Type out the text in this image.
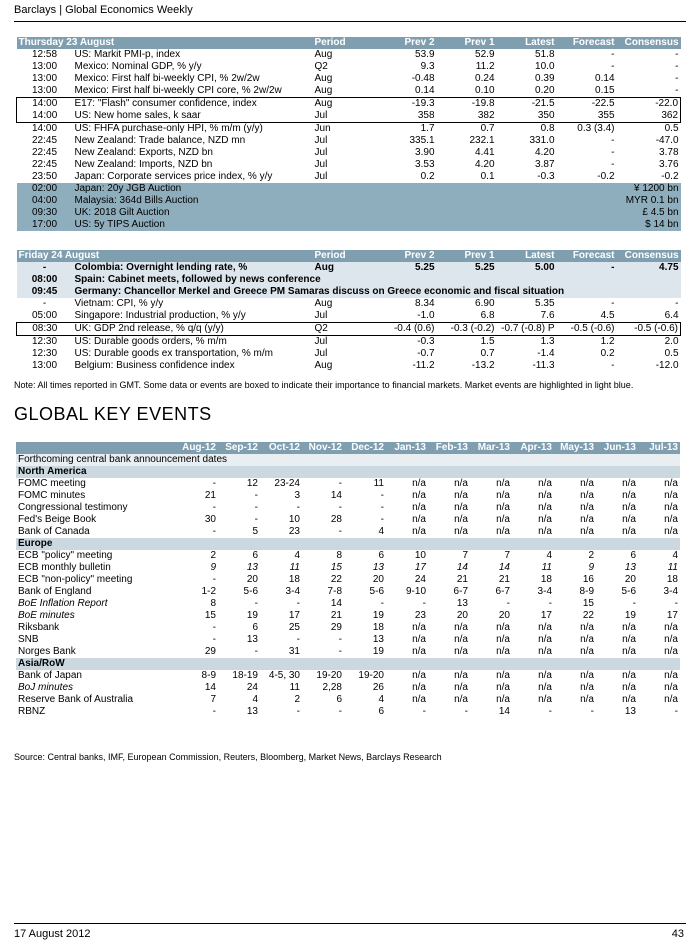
Barclays | Global Economics Weekly
Thursday 23 August		Period	Prev 2	Prev 1	Latest	Forecast	Consensus
12:58	US: Markit PMI-p, index	Aug	53.9	52.9	51.8	-	-
13:00	Mexico: Nominal GDP, % y/y	Q2	9.3	11.2	10.0	-	-
13:00	Mexico: First half bi-weekly CPI, % 2w/2w	Aug	-0.48	0.24	0.39	0.14	-
13:00	Mexico: First half bi-weekly CPI core, % 2w/2w	Aug	0.14	0.10	0.20	0.15	-
14:00	E17: "Flash" consumer confidence, index	Aug	-19.3	-19.8	-21.5	-22.5	-22.0
14:00	US: New home sales, k saar	Jul	358	382	350	355	362
14:00	US: FHFA purchase-only HPI, % m/m (y/y)	Jun	1.7	0.7	0.8	0.3 (3.4)	0.5
22:45	New Zealand: Trade balance, NZD mn	Jul	335.1	232.1	331.0	-	-47.0
22:45	New Zealand: Exports, NZD bn	Jul	3.90	4.41	4.20	-	3.78
22:45	New Zealand: Imports, NZD bn	Jul	3.53	4.20	3.87	-	3.76
23:50	Japan: Corporate services price index, % y/y	Jul	0.2	0.1	-0.3	-0.2	-0.2
02:00	Japan: 20y JGB Auction				¥ 1200 bn		
04:00	Malaysia: 364d Bills Auction				MYR 0.1 bn		
09:30	UK: 2018 Gilt Auction				£ 4.5 bn		
17:00	US: 5y TIPS Auction				$ 14 bn		
Friday 24 August		Period	Prev 2	Prev 1	Latest	Forecast	Consensus
-	Colombia: Overnight lending rate, %	Aug	5.25	5.25	5.00	-	4.75
08:00	Spain: Cabinet meets, followed by news conference						
09:45	Germany: Chancellor Merkel and Greece PM Samaras discuss on Greece economic and fiscal situation						
-	Vietnam: CPI, % y/y	Aug	8.34	6.90	5.35	-	-
05:00	Singapore: Industrial production, % y/y	Jul	-1.0	6.8	7.6	4.5	6.4
08:30	UK: GDP 2nd release, % q/q (y/y)	Q2	-0.4 (0.6)	-0.3 (-0.2)	-0.7 (-0.8) P	-0.5 (-0.6)	-0.5 (-0.6)
12:30	US: Durable goods orders, % m/m	Jul	-0.3	1.5	1.3	1.2	2.0
12:30	US: Durable goods ex transportation, % m/m	Jul	-0.7	0.7	-1.4	0.2	0.5
13:00	Belgium: Business confidence index	Aug	-11.2	-13.2	-11.3	-	-12.0
Note: All times reported in GMT. Some data or events are boxed to indicate their importance to financial markets. Market events are highlighted in light blue.
GLOBAL KEY EVENTS
	Aug-12	Sep-12	Oct-12	Nov-12	Dec-12	Jan-13	Feb-13	Mar-13	Apr-13	May-13	Jun-13	Jul-13
Forthcoming central bank announcement dates												
North America												
FOMC meeting	-	12	23-24	-	11	n/a	n/a	n/a	n/a	n/a	n/a	n/a
FOMC minutes	21	-	3	14	-	n/a	n/a	n/a	n/a	n/a	n/a	n/a
Congressional testimony	-	-	-	-	-	n/a	n/a	n/a	n/a	n/a	n/a	n/a
Fed's Beige Book	30	-	10	28	-	n/a	n/a	n/a	n/a	n/a	n/a	n/a
Bank of Canada	-	5	23	-	4	n/a	n/a	n/a	n/a	n/a	n/a	n/a
Europe												
ECB "policy" meeting	2	6	4	8	6	10	7	7	4	2	6	4
ECB monthly bulletin	9	13	11	15	13	17	14	14	11	9	13	11
ECB "non-policy" meeting	-	20	18	22	20	24	21	21	18	16	20	18
Bank of England	1-2	5-6	3-4	7-8	5-6	9-10	6-7	6-7	3-4	8-9	5-6	3-4
BoE Inflation Report	8	-	-	14	-	-	13	-	-	15	-	-
BoE minutes	15	19	17	21	19	23	20	20	17	22	19	17
Riksbank	-	6	25	29	18	n/a	n/a	n/a	n/a	n/a	n/a	n/a
SNB	-	13	-	-	13	n/a	n/a	n/a	n/a	n/a	n/a	n/a
Norges Bank	29	-	31	-	19	n/a	n/a	n/a	n/a	n/a	n/a	n/a
Asia/RoW												
Bank of Japan	8-9	18-19	4-5, 30	19-20	19-20	n/a	n/a	n/a	n/a	n/a	n/a	n/a
BoJ minutes	14	24	11	2,28	26	n/a	n/a	n/a	n/a	n/a	n/a	n/a
Reserve Bank of Australia	7	4	2	6	4	n/a	n/a	n/a	n/a	n/a	n/a	n/a
RBNZ	-	13	-	-	6	-	-	14	-	-	13	-
Source: Central banks, IMF, European Commission, Reuters, Bloomberg, Market News, Barclays Research
17 August 2012	43
